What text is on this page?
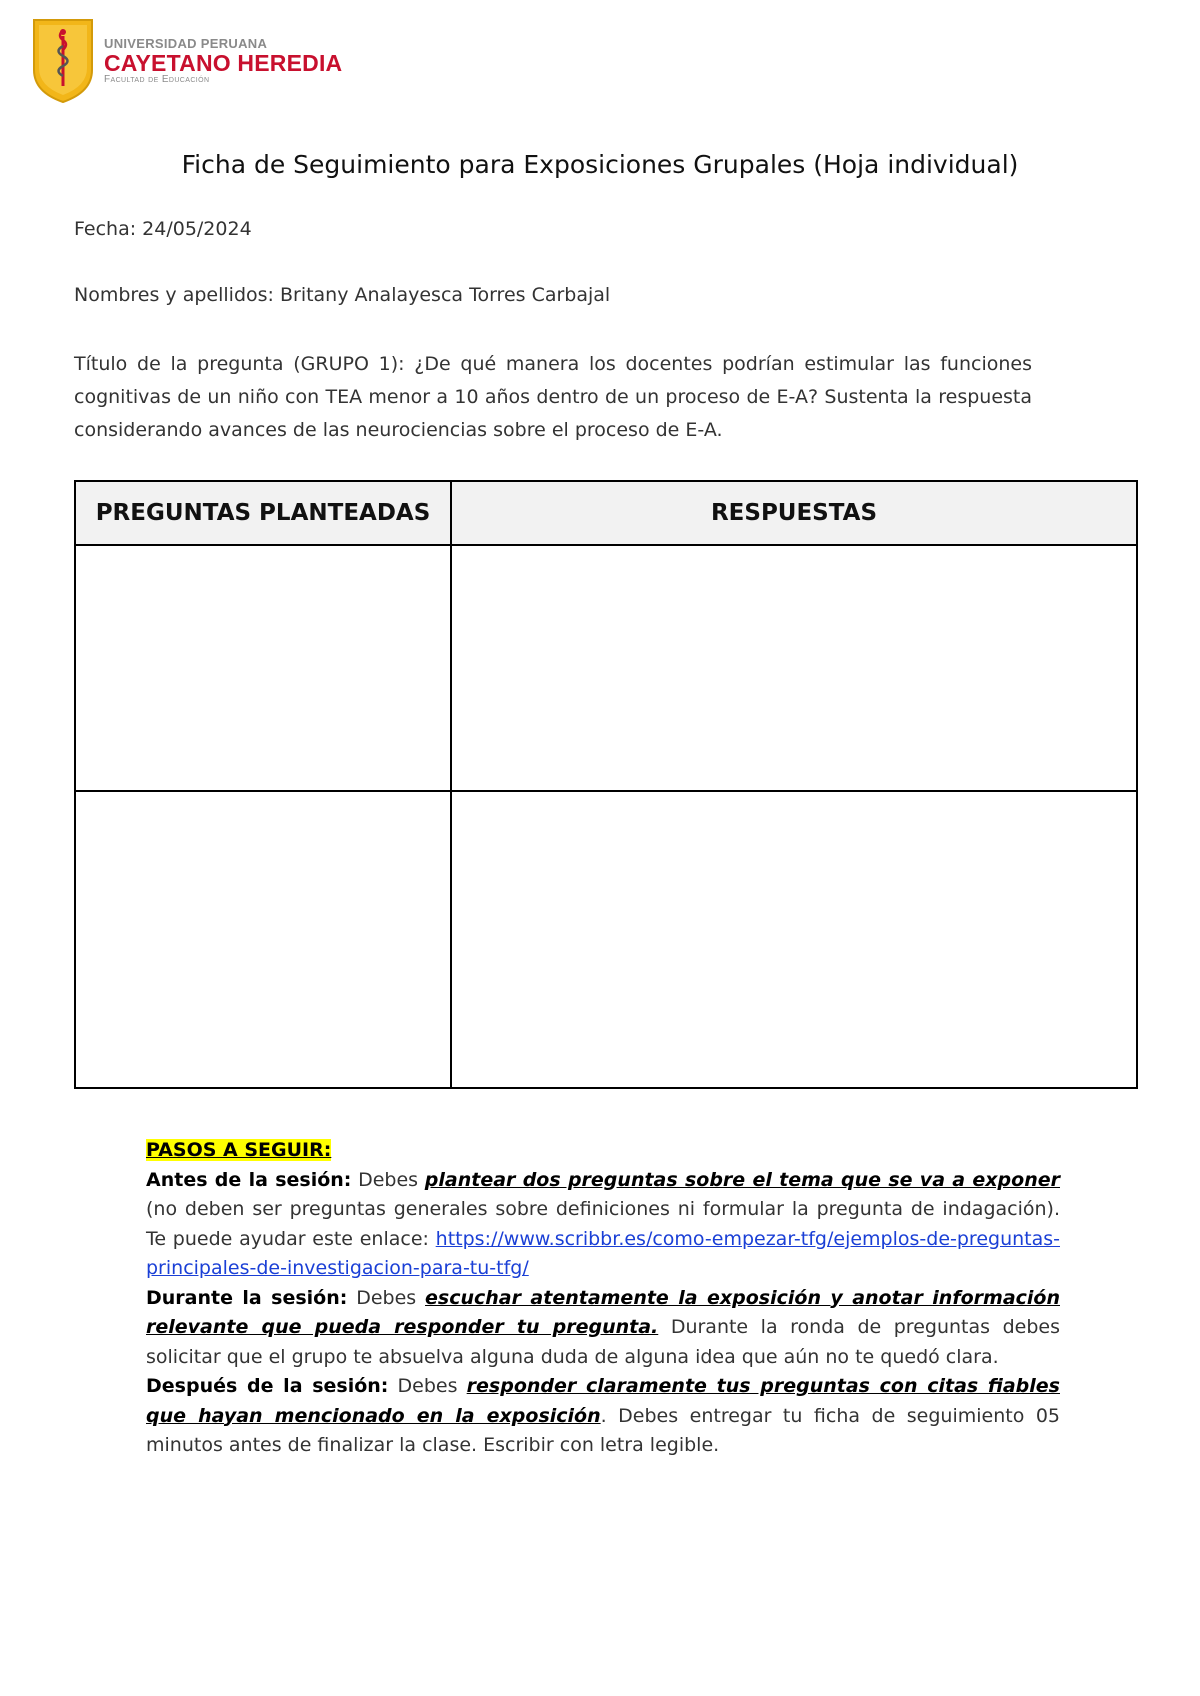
UNIVERSIDAD PERUANA
CAYETANO HEREDIA
Facultad de Educación
Ficha de Seguimiento para Exposiciones Grupales (Hoja individual)
Fecha: 24/05/2024
Nombres y apellidos: Britany Analayesca Torres Carbajal
Título de la pregunta (GRUPO 1): ¿De qué manera los docentes podrían estimular las funciones cognitivas de un niño con TEA menor a 10 años dentro de un proceso de E-A? Sustenta la respuesta considerando avances de las neurociencias sobre el proceso de E-A.
PREGUNTAS PLANTEADAS	RESPUESTAS

PASOS A SEGUIR:
Antes de la sesión: Debes plantear dos preguntas sobre el tema que se va a exponer (no deben ser preguntas generales sobre definiciones ni formular la pregunta de indagación). Te puede ayudar este enlace: https://www.scribbr.es/como-empezar-tfg/ejemplos-de-preguntas-principales-de-investigacion-para-tu-tfg/
Durante la sesión: Debes escuchar atentamente la exposición y anotar información relevante que pueda responder tu pregunta. Durante la ronda de preguntas debes solicitar que el grupo te absuelva alguna duda de alguna idea que aún no te quedó clara.
Después de la sesión: Debes responder claramente tus preguntas con citas fiables que hayan mencionado en la exposición. Debes entregar tu ficha de seguimiento 05 minutos antes de finalizar la clase. Escribir con letra legible.
